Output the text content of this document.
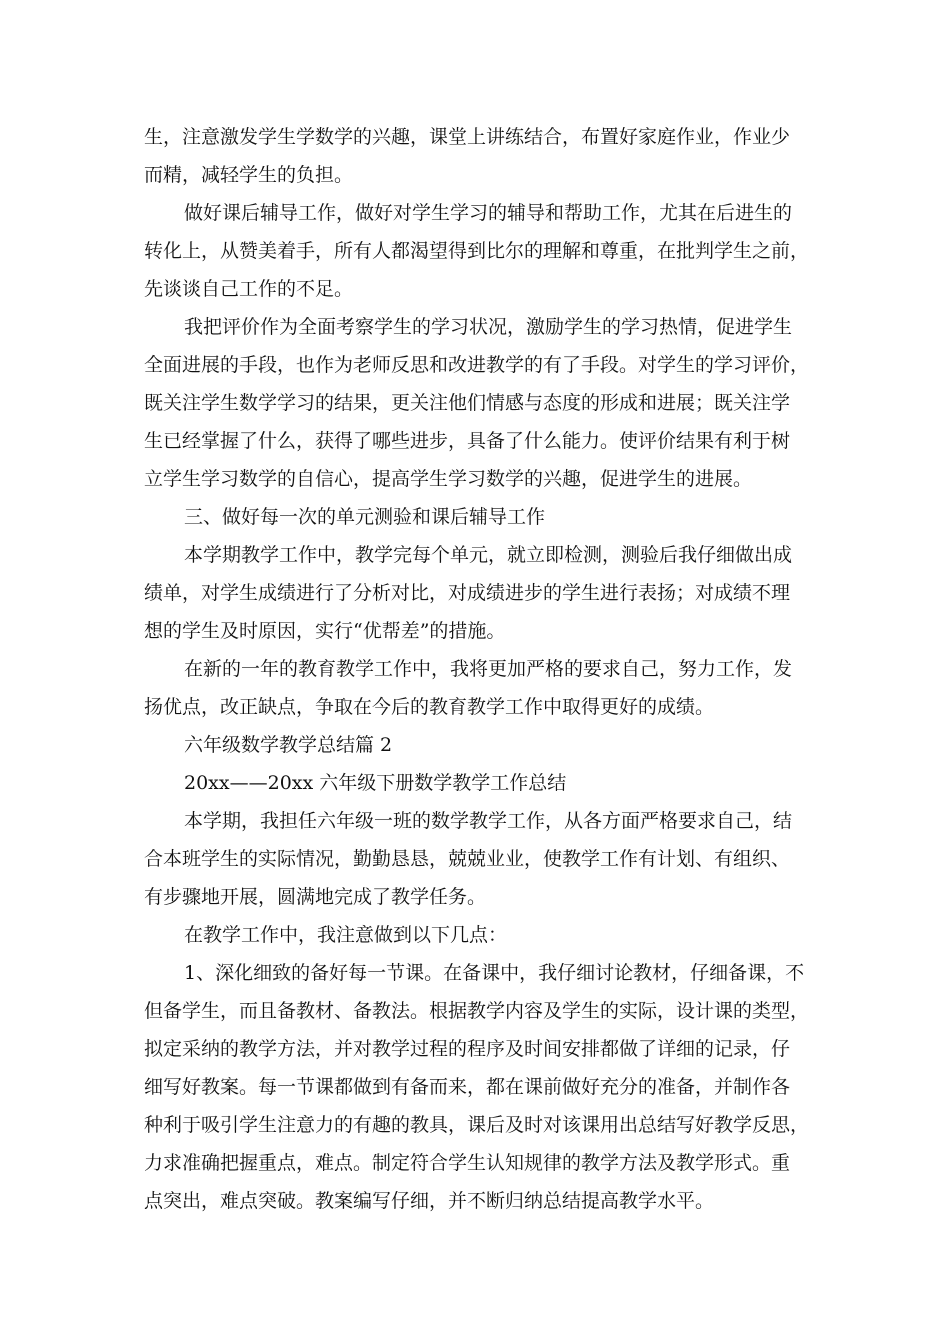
生，注意激发学生学数学的兴趣，课堂上讲练结合，布置好家庭作业，作业少
而精，减轻学生的负担。
做好课后辅导工作，做好对学生学习的辅导和帮助工作，尤其在后进生的
转化上，从赞美着手，所有人都渴望得到比尔的理解和尊重，在批判学生之前，
先谈谈自己工作的不足。
我把评价作为全面考察学生的学习状况，激励学生的学习热情，促进学生
全面进展的手段，也作为老师反思和改进教学的有了手段。对学生的学习评价，
既关注学生数学学习的结果，更关注他们情感与态度的形成和进展；既关注学
生已经掌握了什么，获得了哪些进步，具备了什么能力。使评价结果有利于树
立学生学习数学的自信心，提高学生学习数学的兴趣，促进学生的进展。
三、做好每一次的单元测验和课后辅导工作
本学期教学工作中，教学完每个单元，就立即检测，测验后我仔细做出成
绩单，对学生成绩进行了分析对比，对成绩进步的学生进行表扬；对成绩不理
想的学生及时原因，实行“优帮差”的措施。
在新的一年的教育教学工作中，我将更加严格的要求自己，努力工作，发
扬优点，改正缺点，争取在今后的教育教学工作中取得更好的成绩。
六年级数学教学总结篇 2
20xx——20xx 六年级下册数学教学工作总结
本学期，我担任六年级一班的数学教学工作，从各方面严格要求自己，结
合本班学生的实际情况，勤勤恳恳，兢兢业业，使教学工作有计划、有组织、
有步骤地开展，圆满地完成了教学任务。
在教学工作中，我注意做到以下几点：
1、深化细致的备好每一节课。在备课中，我仔细讨论教材，仔细备课，不
但备学生，而且备教材、备教法。根据教学内容及学生的实际，设计课的类型，
拟定采纳的教学方法，并对教学过程的程序及时间安排都做了详细的记录，仔
细写好教案。每一节课都做到有备而来，都在课前做好充分的准备，并制作各
种利于吸引学生注意力的有趣的教具，课后及时对该课用出总结写好教学反思，
力求准确把握重点，难点。制定符合学生认知规律的教学方法及教学形式。重
点突出，难点突破。教案编写仔细，并不断归纳总结提高教学水平。
